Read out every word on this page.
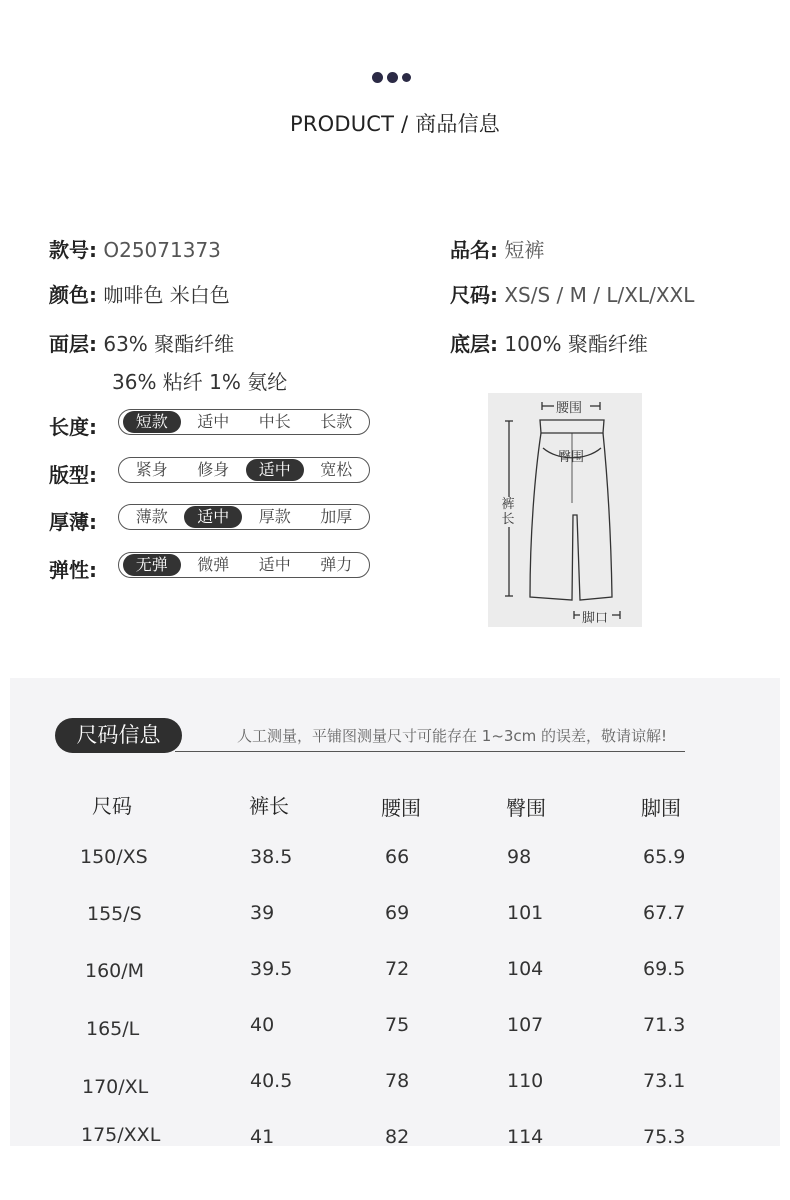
PRODUCT / 商品信息
款号: O25071373	品名: 短裤
颜色: 咖啡色 米白色	尺码: XS/S / M / L/XL/XXL
面层: 63% 聚酯纤维
36% 粘纤 1% 氨纶
底层: 100% 聚酯纤维
长度:	短款	适中	中长	长款
版型:	紧身	修身	适中	宽松
厚薄:	薄款	适中	厚款	加厚
弹性:	无弹	微弹	适中	弹力
腰围
臀围
裤长
脚口
尺码信息	人工测量，平铺图测量尺寸可能存在 1~3cm 的误差，敬请谅解!
尺码	裤长	腰围	臀围	脚围
150/XS	38.5	66	98	65.9
155/S	39	69	101	67.7
160/M	39.5	72	104	69.5
165/L	40	75	107	71.3
170/XL	40.5	78	110	73.1
175/XXL	41	82	114	75.3
